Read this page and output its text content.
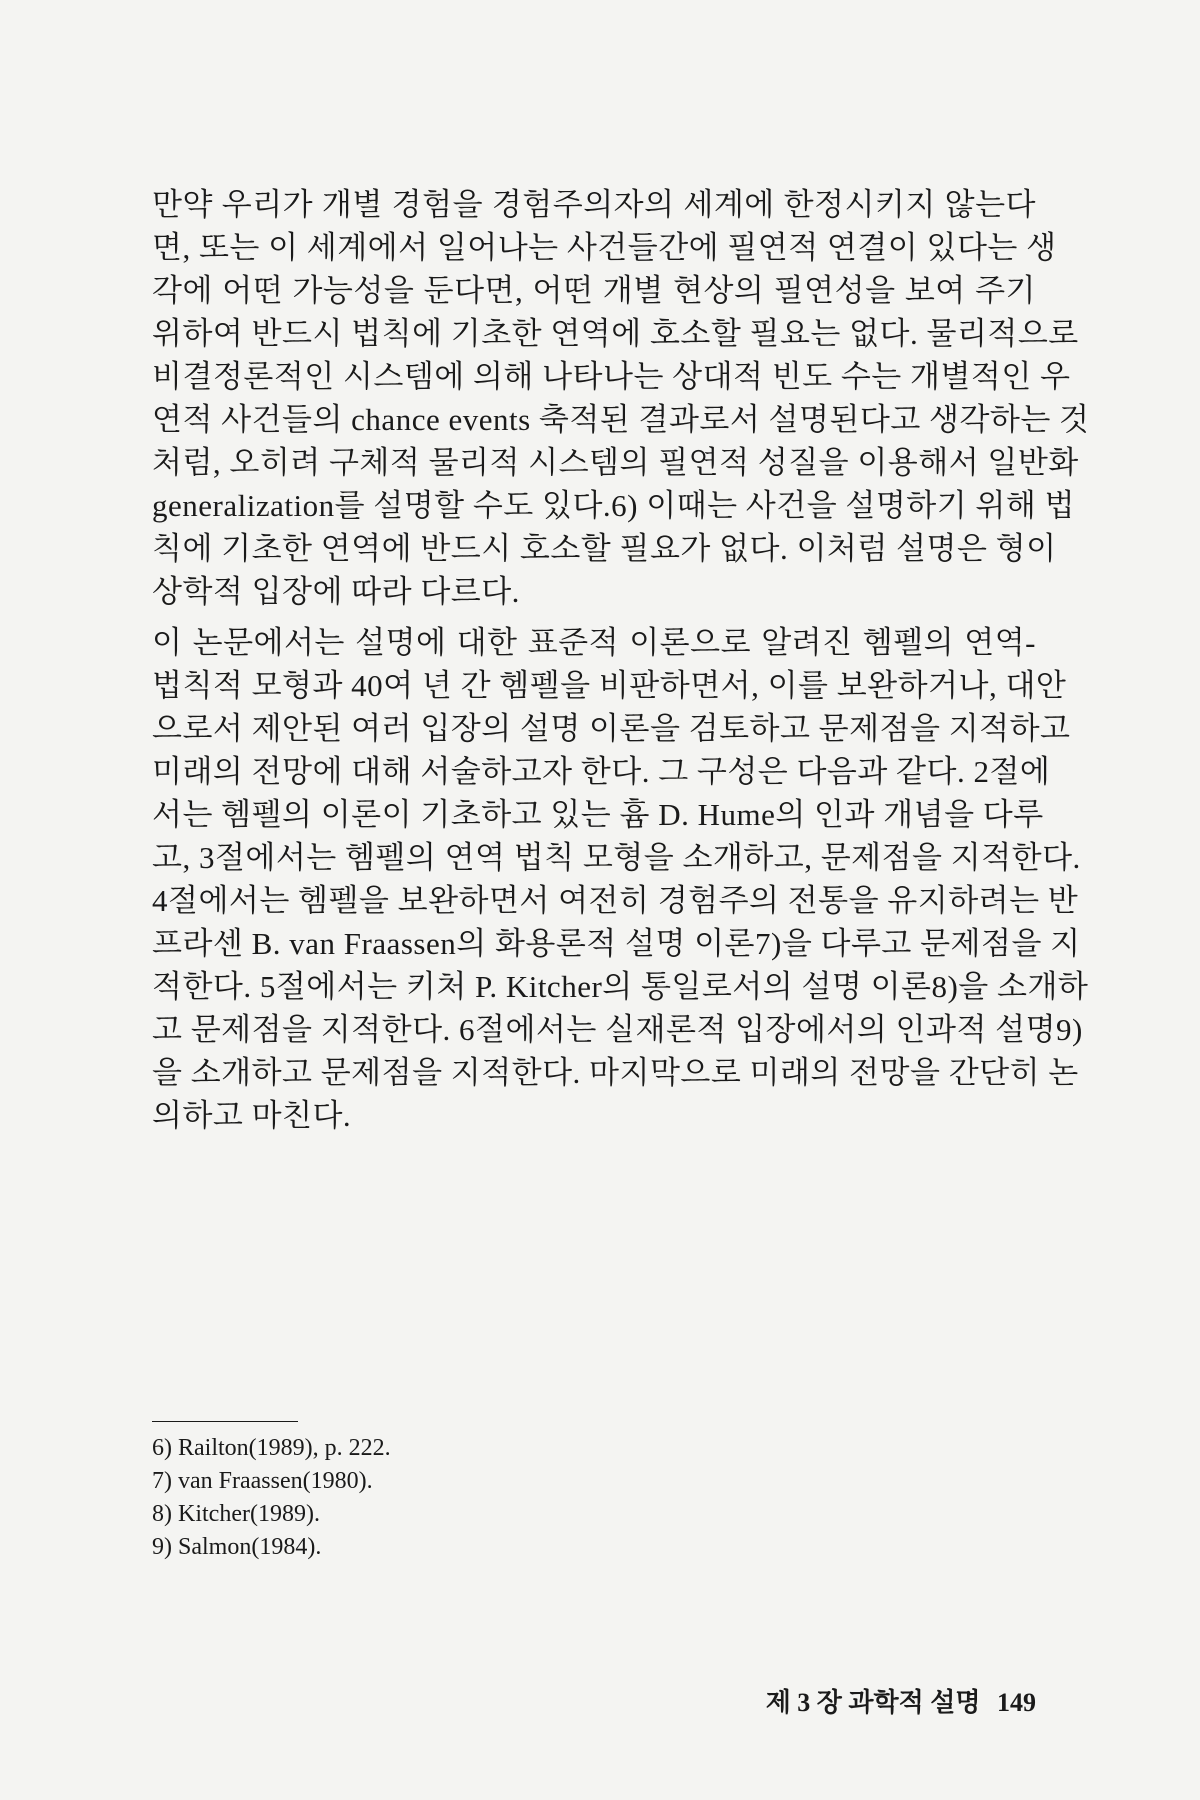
만약 우리가 개별 경험을 경험주의자의 세계에 한정시키지 않는다
면, 또는 이 세계에서 일어나는 사건들간에 필연적 연결이 있다는 생
각에 어떤 가능성을 둔다면, 어떤 개별 현상의 필연성을 보여 주기
위하여 반드시 법칙에 기초한 연역에 호소할 필요는 없다. 물리적으로
비결정론적인 시스템에 의해 나타나는 상대적 빈도 수는 개별적인 우
연적 사건들의 chance events 축적된 결과로서 설명된다고 생각하는 것
처럼, 오히려 구체적 물리적 시스템의 필연적 성질을 이용해서 일반화
generalization를 설명할 수도 있다.6) 이때는 사건을 설명하기 위해 법
칙에 기초한 연역에 반드시 호소할 필요가 없다. 이처럼 설명은 형이
상학적 입장에 따라 다르다.
이 논문에서는 설명에 대한 표준적 이론으로 알려진 헴펠의 연역-
법칙적 모형과 40여 년 간 헴펠을 비판하면서, 이를 보완하거나, 대안
으로서 제안된 여러 입장의 설명 이론을 검토하고 문제점을 지적하고
미래의 전망에 대해 서술하고자 한다. 그 구성은 다음과 같다. 2절에
서는 헴펠의 이론이 기초하고 있는 흄 D. Hume의 인과 개념을 다루
고, 3절에서는 헴펠의 연역 법칙 모형을 소개하고, 문제점을 지적한다.
4절에서는 헴펠을 보완하면서 여전히 경험주의 전통을 유지하려는 반
프라센 B. van Fraassen의 화용론적 설명 이론7)을 다루고 문제점을 지
적한다. 5절에서는 키처 P. Kitcher의 통일로서의 설명 이론8)을 소개하
고 문제점을 지적한다. 6절에서는 실재론적 입장에서의 인과적 설명9)
을 소개하고 문제점을 지적한다. 마지막으로 미래의 전망을 간단히 논
의하고 마친다.
6) Railton(1989), p. 222.
7) van Fraassen(1980).
8) Kitcher(1989).
9) Salmon(1984).
제 3 장 과학적 설명 149
